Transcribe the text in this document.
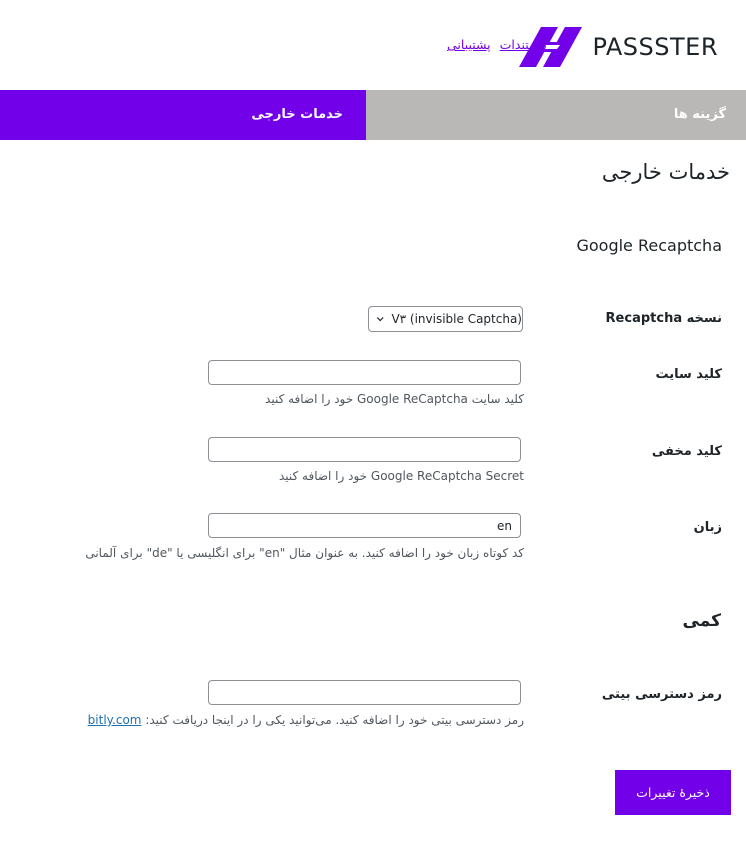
PASSSTER
مستندات
پشتیبانی
خدمات خارجی	گزینه ها
خدمات خارجی
Google Recaptcha
نسخه Recaptcha
V۳ (invisible Captcha)
کلید سایت
کلید سایت Google ReCaptcha خود را اضافه کنید
کلید مخفی
Google ReCaptcha Secret خود را اضافه کنید
زبان
en
کد کوتاه زبان خود را اضافه کنید. به عنوان مثال "en" برای انگلیسی یا "de" برای آلمانی
کمی
رمز دسترسی بیتی
رمز دسترسی بیتی خود را اضافه کنید. می‌توانید یکی را در اینجا دریافت کنید: bitly.com
ذخیرهٔ تغییرات
